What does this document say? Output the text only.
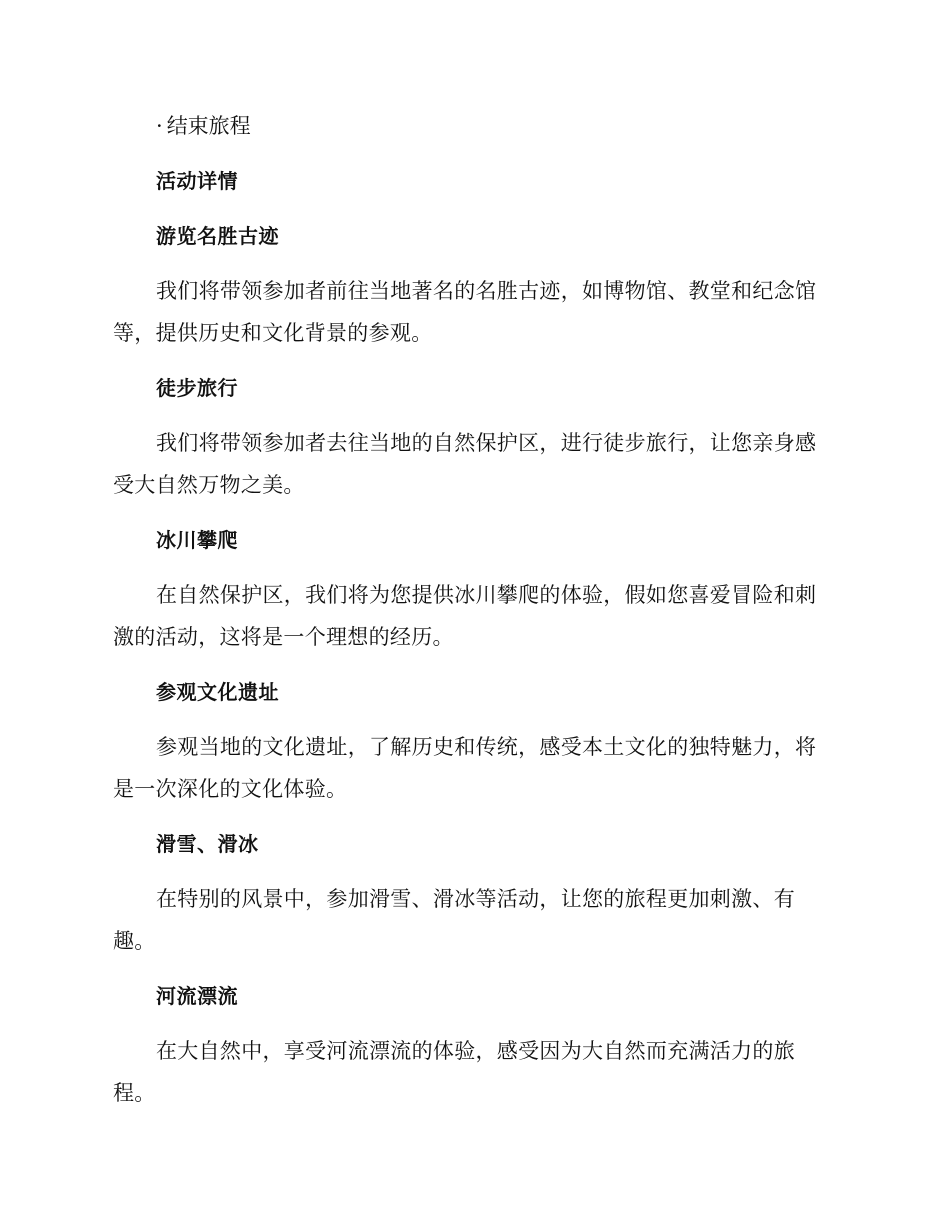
· 结束旅程

活动详情

游览名胜古迹

我们将带领参加者前往当地著名的名胜古迹，如博物馆、教堂和纪念馆等，提供历史和文化背景的参观。

徒步旅行

我们将带领参加者去往当地的自然保护区，进行徒步旅行，让您亲身感受大自然万物之美。

冰川攀爬

在自然保护区，我们将为您提供冰川攀爬的体验，假如您喜爱冒险和刺激的活动，这将是一个理想的经历。

参观文化遗址

参观当地的文化遗址，了解历史和传统，感受本土文化的独特魅力，将是一次深化的文化体验。

滑雪、滑冰

在特别的风景中，参加滑雪、滑冰等活动，让您的旅程更加刺激、有趣。

河流漂流

在大自然中，享受河流漂流的体验，感受因为大自然而充满活力的旅程。
